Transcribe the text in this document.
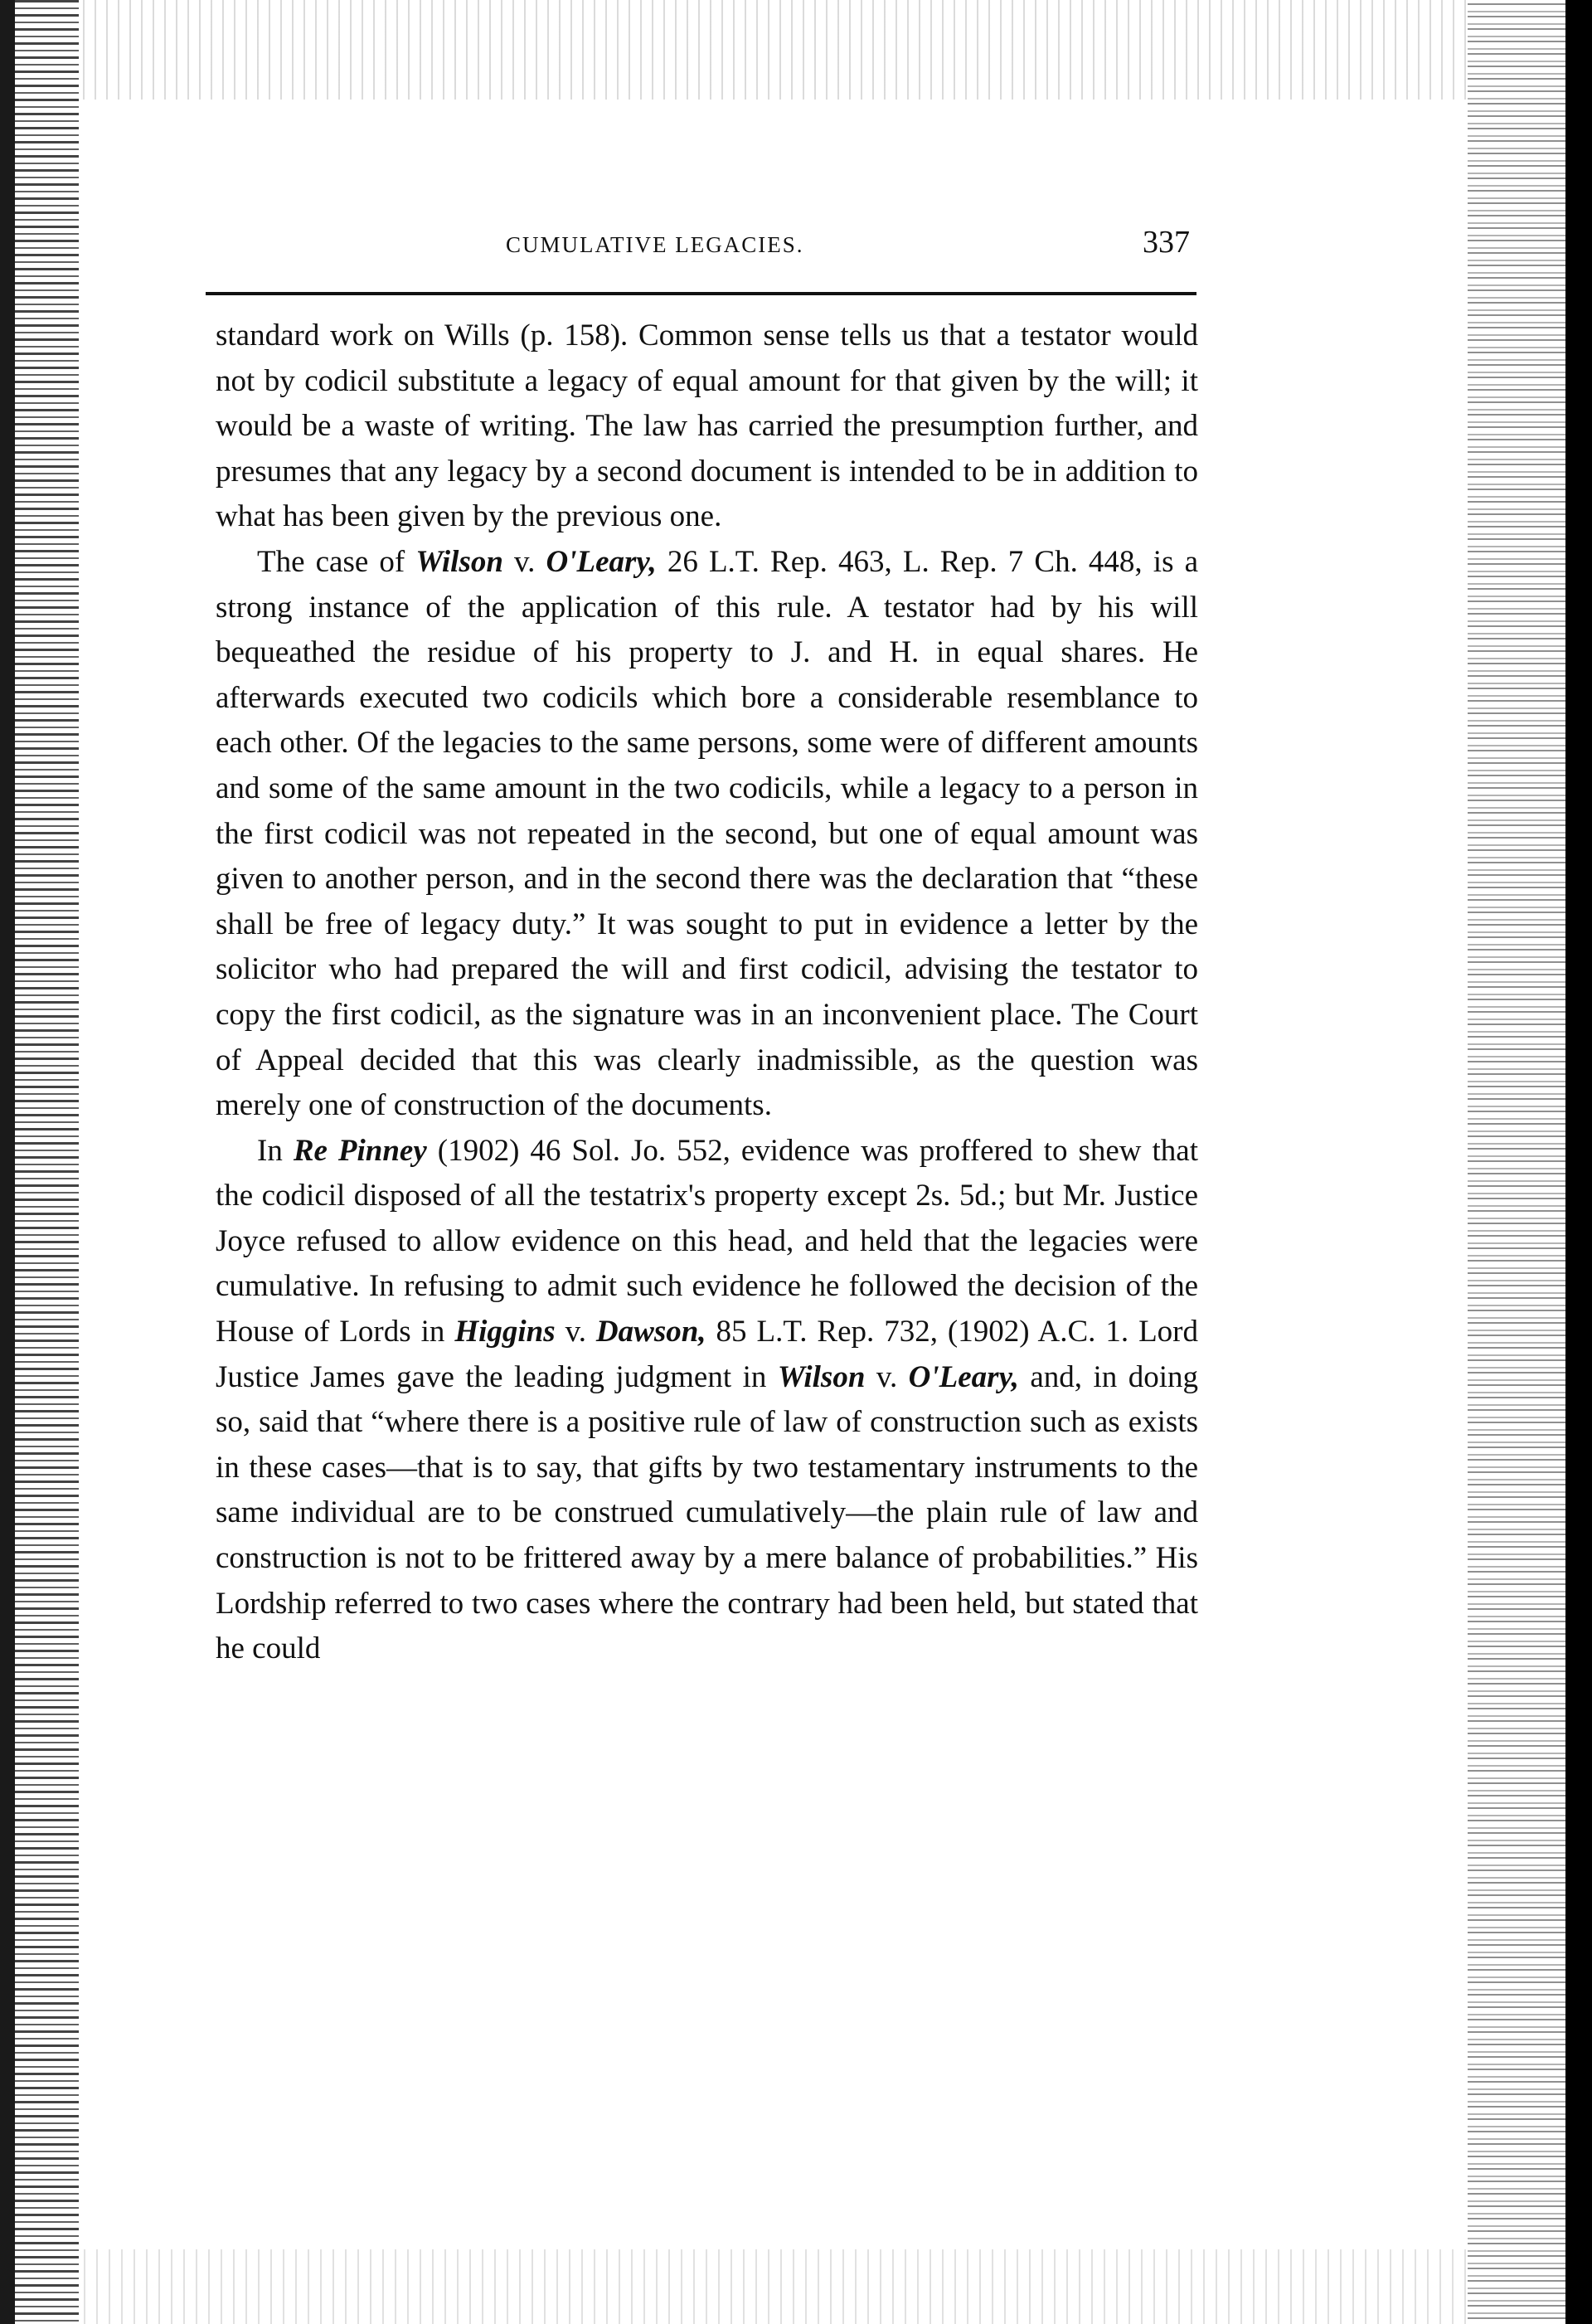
CUMULATIVE LEGACIES.	337

standard work on Wills (p. 158). Common sense tells us that a testator would not by codicil substitute a legacy of equal amount for that given by the will; it would be a waste of writing. The law has carried the presumption further, and presumes that any legacy by a second document is intended to be in addition to what has been given by the previous one.

The case of Wilson v. O'Leary, 26 L.T. Rep. 463, L. Rep. 7 Ch. 448, is a strong instance of the application of this rule. A testator had by his will bequeathed the residue of his property to J. and H. in equal shares. He afterwards executed two codicils which bore a considerable resemblance to each other. Of the legacies to the same persons, some were of different amounts and some of the same amount in the two codicils, while a legacy to a person in the first codicil was not repeated in the second, but one of equal amount was given to another person, and in the second there was the declaration that “these shall be free of legacy duty.” It was sought to put in evidence a letter by the solicitor who had prepared the will and first codicil, advising the testator to copy the first codicil, as the signature was in an inconvenient place. The Court of Appeal decided that this was clearly inadmissible, as the question was merely one of construction of the documents.

In Re Pinney (1902) 46 Sol. Jo. 552, evidence was proffered to shew that the codicil disposed of all the testatrix's property except 2s. 5d.; but Mr. Justice Joyce refused to allow evidence on this head, and held that the legacies were cumulative. In refusing to admit such evidence he followed the decision of the House of Lords in Higgins v. Dawson, 85 L.T. Rep. 732, (1902) A.C. 1. Lord Justice James gave the leading judgment in Wilson v. O'Leary, and, in doing so, said that “where there is a positive rule of law of construction such as exists in these cases—that is to say, that gifts by two testamentary instruments to the same individual are to be construed cumulatively—the plain rule of law and construction is not to be frittered away by a mere balance of probabilities.” His Lordship referred to two cases where the contrary had been held, but stated that he could
